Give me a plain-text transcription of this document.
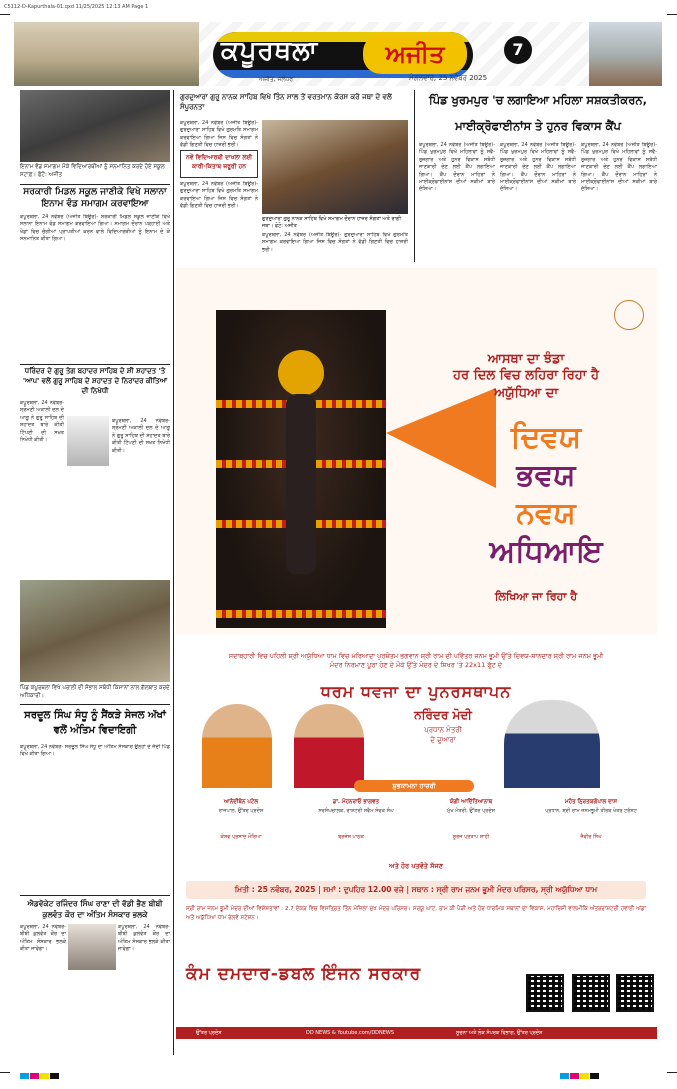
C5112-D-Kapurthala-01.qxd 11/25/2025 12:13 AM Page 1
ਕਪੂਰਥਲਾ	ਅਜੀਤ
ਅਜੀਤ, ਜਲੰਧਰ	ਮੰਗਲਵਾਰ, 25 ਨਵੰਬਰ 2025
7
ਇਨਾਮ ਵੰਡ ਸਮਾਗਮ ਮੌਕੇ ਵਿਦਿਆਰਥੀਆਂ ਨੂੰ ਸਨਮਾਨਿਤ ਕਰਦੇ ਹੋਏ ਸਕੂਲ ਸਟਾਫ਼। ਫੋਟੋ: ਅਜੀਤ
ਸਰਕਾਰੀ ਮਿਡਲ ਸਕੂਲ ਜਾਣੀਕੇ ਵਿਖੇ ਸਲਾਨਾ ਇਨਾਮ ਵੰਡ ਸਮਾਗਮ ਕਰਵਾਇਆ
ਕਪੂਰਥਲਾ, 24 ਨਵੰਬਰ (ਅਜੀਤ ਬਿਊਰੋ)- ਸਰਕਾਰੀ ਮਿਡਲ ਸਕੂਲ ਜਾਣੀਕੇ ਵਿਖੇ ਸਲਾਨਾ ਇਨਾਮ ਵੰਡ ਸਮਾਗਮ ਕਰਵਾਇਆ ਗਿਆ। ਸਮਾਗਮ ਦੌਰਾਨ ਪੜ੍ਹਾਈ ਅਤੇ ਖੇਡਾਂ ਵਿਚ ਚੰਗੀਆਂ ਪ੍ਰਾਪਤੀਆਂ ਕਰਨ ਵਾਲੇ ਵਿਦਿਆਰਥੀਆਂ ਨੂੰ ਇਨਾਮ ਦੇ ਕੇ ਸਨਮਾਨਿਤ ਕੀਤਾ ਗਿਆ।
ਧਰਿੰਦਰ ਦੇ ਗੁਰੂ ਤੇਗ ਬਹਾਦਰ ਸਾਹਿਬ ਦੇ ਸ਼ੀ ਸ਼ਹਾਦਤ 'ਤੇ 'ਆਪ' ਵਲੋਂ ਗੁਰੂ ਸਾਹਿਬ ਦੇ ਸ਼ਹਾਦਤ ਦੇ ਨਿਰਾਦਰ ਕੀਤਿਆਂ ਦੀ ਨਿਖੇਧੀ
ਕਪੂਰਥਲਾ, 24 ਨਵੰਬਰ- ਸ਼੍ਰੋਮਣੀ ਅਕਾਲੀ ਦਲ ਦੇ ਆਗੂ ਨੇ ਗੁਰੂ ਸਾਹਿਬ ਦੀ ਸ਼ਹਾਦਤ ਬਾਰੇ ਕੀਤੀ ਟਿੱਪਣੀ ਦੀ ਸਖ਼ਤ ਨਿਖੇਧੀ ਕੀਤੀ।
ਕਪੂਰਥਲਾ, 24 ਨਵੰਬਰ- ਸ਼੍ਰੋਮਣੀ ਅਕਾਲੀ ਦਲ ਦੇ ਆਗੂ ਨੇ ਗੁਰੂ ਸਾਹਿਬ ਦੀ ਸ਼ਹਾਦਤ ਬਾਰੇ ਕੀਤੀ ਟਿੱਪਣੀ ਦੀ ਸਖ਼ਤ ਨਿਖੇਧੀ ਕੀਤੀ।
ਪਿੰਡ ਕਪੂਰਥਲਾ ਵਿਖੇ ਪਰਾਲੀ ਦੀ ਸੰਭਾਲ ਸਬੰਧੀ ਕਿਸਾਨਾਂ ਨਾਲ ਗੱਲਬਾਤ ਕਰਦੇ ਅਧਿਕਾਰੀ।
ਸਰਦੂਲ ਸਿੰਘ ਸੰਧੂ ਨੂੰ ਸੈਂਕੜੇ ਸੇਜਲ ਅੱਖਾਂ ਵਲੋਂ ਅੰਤਿਮ ਵਿਦਾਇਗੀ
ਕਪੂਰਥਲਾ, 24 ਨਵੰਬਰ- ਸਰਦੂਲ ਸਿੰਘ ਸੰਧੂ ਦਾ ਅੰਤਿਮ ਸੰਸਕਾਰ ਉਨ੍ਹਾਂ ਦੇ ਜੱਦੀ ਪਿੰਡ ਵਿਖੇ ਕੀਤਾ ਗਿਆ।
ਐਡਵੋਕੇਟ ਰਜਿੰਦਰ ਸਿੰਘ ਰਾਣਾ ਦੀ ਵੱਡੀ ਭੈਣ ਬੀਬੀ ਕੁਲਵੰਤ ਕੌਰ ਦਾ ਅੰਤਿਮ ਸੰਸਕਾਰ ਭਲਕੇ
ਕਪੂਰਥਲਾ, 24 ਨਵੰਬਰ- ਬੀਬੀ ਕੁਲਵੰਤ ਕੌਰ ਦਾ ਅੰਤਿਮ ਸੰਸਕਾਰ ਭਲਕੇ ਕੀਤਾ ਜਾਵੇਗਾ।
ਕਪੂਰਥਲਾ, 24 ਨਵੰਬਰ- ਬੀਬੀ ਕੁਲਵੰਤ ਕੌਰ ਦਾ ਅੰਤਿਮ ਸੰਸਕਾਰ ਭਲਕੇ ਕੀਤਾ ਜਾਵੇਗਾ।
ਗੁਰਦੁਆਰਾ ਗੁਰੂ ਨਾਨਕ ਸਾਹਿਬ ਵਿਖੇ ਤਿੰਨ ਸਾਲ ਤੋਂ ਵਰਤਮਾਨ ਕੋਰਸ ਕਰੋ ਜਥਾ ਦੇ ਵਲੋਂ ਸੰਪੂਰਨਤਾ
ਕਪੂਰਥਲਾ, 24 ਨਵੰਬਰ (ਅਜੀਤ ਬਿਊਰੋ)- ਗੁਰਦੁਆਰਾ ਸਾਹਿਬ ਵਿਖੇ ਗੁਰਮਤਿ ਸਮਾਗਮ ਕਰਵਾਇਆ ਗਿਆ ਜਿਸ ਵਿਚ ਸੰਗਤਾਂ ਨੇ ਵੱਡੀ ਗਿਣਤੀ ਵਿਚ ਹਾਜ਼ਰੀ ਭਰੀ।
ਨਵੇਂ ਵਿਦਿਆਰਥੀ ਦਾਖਲਾ ਲਈ ਕਾਰੀ-ਕਿਤਾਬ ਜ਼ਰੂਰੀ ਹਨ
ਕਪੂਰਥਲਾ, 24 ਨਵੰਬਰ (ਅਜੀਤ ਬਿਊਰੋ)- ਗੁਰਦੁਆਰਾ ਸਾਹਿਬ ਵਿਖੇ ਗੁਰਮਤਿ ਸਮਾਗਮ ਕਰਵਾਇਆ ਗਿਆ ਜਿਸ ਵਿਚ ਸੰਗਤਾਂ ਨੇ ਵੱਡੀ ਗਿਣਤੀ ਵਿਚ ਹਾਜ਼ਰੀ ਭਰੀ।
ਗੁਰਦੁਆਰਾ ਗੁਰੂ ਨਾਨਕ ਸਾਹਿਬ ਵਿਖੇ ਸਮਾਗਮ ਦੌਰਾਨ ਹਾਜ਼ਰ ਸੰਗਤਾਂ ਅਤੇ ਰਾਗੀ ਜਥਾ। ਫੋਟੋ: ਅਜੀਤ
ਕਪੂਰਥਲਾ, 24 ਨਵੰਬਰ (ਅਜੀਤ ਬਿਊਰੋ)- ਗੁਰਦੁਆਰਾ ਸਾਹਿਬ ਵਿਖੇ ਗੁਰਮਤਿ ਸਮਾਗਮ ਕਰਵਾਇਆ ਗਿਆ ਜਿਸ ਵਿਚ ਸੰਗਤਾਂ ਨੇ ਵੱਡੀ ਗਿਣਤੀ ਵਿਚ ਹਾਜ਼ਰੀ ਭਰੀ।
ਪਿੰਡ ਖੁਰਮਪੁਰ 'ਚ ਲਗਾਇਆ ਮਹਿਲਾ ਸਸ਼ਕਤੀਕਰਨ,
ਮਾਈਕ੍ਰੋਫਾਈਨਾਂਸ ਤੇ ਹੁਨਰ ਵਿਕਾਸ ਕੈਂਪ
ਕਪੂਰਥਲਾ, 24 ਨਵੰਬਰ (ਅਜੀਤ ਬਿਊਰੋ)- ਪਿੰਡ ਖੁਰਮਪੁਰ ਵਿਖੇ ਮਹਿਲਾਵਾਂ ਨੂੰ ਸਵੈ-ਰੁਜ਼ਗਾਰ ਅਤੇ ਹੁਨਰ ਵਿਕਾਸ ਸਬੰਧੀ ਜਾਣਕਾਰੀ ਦੇਣ ਲਈ ਕੈਂਪ ਲਗਾਇਆ ਗਿਆ। ਕੈਂਪ ਦੌਰਾਨ ਮਾਹਿਰਾਂ ਨੇ ਮਾਈਕ੍ਰੋਫਾਈਨਾਂਸ ਦੀਆਂ ਸਕੀਮਾਂ ਬਾਰੇ ਦੱਸਿਆ।
ਕਪੂਰਥਲਾ, 24 ਨਵੰਬਰ (ਅਜੀਤ ਬਿਊਰੋ)- ਪਿੰਡ ਖੁਰਮਪੁਰ ਵਿਖੇ ਮਹਿਲਾਵਾਂ ਨੂੰ ਸਵੈ-ਰੁਜ਼ਗਾਰ ਅਤੇ ਹੁਨਰ ਵਿਕਾਸ ਸਬੰਧੀ ਜਾਣਕਾਰੀ ਦੇਣ ਲਈ ਕੈਂਪ ਲਗਾਇਆ ਗਿਆ। ਕੈਂਪ ਦੌਰਾਨ ਮਾਹਿਰਾਂ ਨੇ ਮਾਈਕ੍ਰੋਫਾਈਨਾਂਸ ਦੀਆਂ ਸਕੀਮਾਂ ਬਾਰੇ ਦੱਸਿਆ।
ਕਪੂਰਥਲਾ, 24 ਨਵੰਬਰ (ਅਜੀਤ ਬਿਊਰੋ)- ਪਿੰਡ ਖੁਰਮਪੁਰ ਵਿਖੇ ਮਹਿਲਾਵਾਂ ਨੂੰ ਸਵੈ-ਰੁਜ਼ਗਾਰ ਅਤੇ ਹੁਨਰ ਵਿਕਾਸ ਸਬੰਧੀ ਜਾਣਕਾਰੀ ਦੇਣ ਲਈ ਕੈਂਪ ਲਗਾਇਆ ਗਿਆ। ਕੈਂਪ ਦੌਰਾਨ ਮਾਹਿਰਾਂ ਨੇ ਮਾਈਕ੍ਰੋਫਾਈਨਾਂਸ ਦੀਆਂ ਸਕੀਮਾਂ ਬਾਰੇ ਦੱਸਿਆ।
ਆਸਥਾ ਦਾ ਝੰਡਾ
ਹਰ ਦਿਲ ਵਿਚ ਲਹਿਰਾ ਰਿਹਾ ਹੈ
ਅਯੁੱਧਿਆ ਦਾ
ਦਿਵਯ
ਭਵਯ
ਨਵਯ
ਅਧਿਆਇ
ਲਿਖਿਆ ਜਾ ਰਿਹਾ ਹੈ
ਸਦਾਬਹਾਰੀ ਵਿਚ ਪਹਿਲੀ ਸ਼੍ਰੀ ਅਯੁੱਧਿਆ ਧਾਮ ਵਿਚ ਮਰਿਆਦਾ ਪੁਰਸ਼ੋਤਮ ਭਗਵਾਨ ਸ਼੍ਰੀ ਰਾਮ ਦੀ ਪਵਿੱਤਰ ਜਨਮ ਭੂਮੀ ਉੱਤੇ ਦਿਵਯ-ਸ਼ਾਨਦਾਰ ਸ਼੍ਰੀ ਰਾਮ ਜਨਮ ਭੂਮੀ ਮੰਦਰ ਨਿਰਮਾਣ ਪੂਰਾ ਹੋਣ ਦੇ ਮੌਕੇ ਉੱਤੇ ਮੰਦਰ ਦੇ ਸ਼ਿਖਰ 'ਤੇ 22x11 ਫੁੱਟ ਦੇ
ਧਰਮ ਧਵਜਾ ਦਾ ਪੁਨਰਸਥਾਪਨ
ਨਰਿੰਦਰ ਮੋਦੀ
ਪ੍ਰਧਾਨ ਮੰਤਰੀ
ਦੇ ਦੁਆਰਾ
ਸ਼ੁਭਕਾਮਨਾ ਹਾਜ਼ਰੀ
ਆਨੰਦੀਬੇਨ ਪਟੇਲ
ਰਾਜਪਾਲ, ਉੱਤਰ ਪ੍ਰਦੇਸ਼
ਡਾ. ਮੋਹਨਰਾਓ ਭਾਗਵਤ
ਸਰਸੰਘਚਾਲਕ, ਰਾਸ਼ਟਰੀ ਸਵੈਮ ਸੇਵਕ ਸੰਘ
ਯੋਗੀ ਆਦਿੱਤਿਆਨਾਥ
ਮੁੱਖ ਮੰਤਰੀ, ਉੱਤਰ ਪ੍ਰਦੇਸ਼
ਮਹੰਤ ਨ੍ਰਿਤਯਗੋਪਾਲ ਦਾਸ
ਪ੍ਰਧਾਨ, ਸ਼੍ਰੀ ਰਾਮ ਜਨਮਭੂਮੀ ਤੀਰਥ ਖੇਤਰ ਟਰੱਸਟ
ਕੇਸ਼ਵ ਪ੍ਰਸਾਦ ਮੌਰਿਆ	ਬ੍ਰਜੇਸ਼ ਪਾਠਕ	ਸੂਰਜ ਪ੍ਰਤਾਪ ਸ਼ਾਹੀ	ਜੈਵੀਰ ਸਿੰਘ
ਅਤੇ ਹੋਰ ਪਤਵੰਤੇ ਸੱਜਣ
ਮਿਤੀ : 25 ਨਵੰਬਰ, 2025 | ਸਮਾਂ : ਦੁਪਹਿਰ 12.00 ਵਜੇ | ਸਥਾਨ : ਸ੍ਰੀ ਰਾਮ ਜਨਮ ਭੂਮੀ ਮੰਦਰ ਪਰਿਸਰ, ਸ੍ਰੀ ਅਯੁੱਧਿਆ ਧਾਮ
ਸ੍ਰੀ ਰਾਮ ਜਨਮ ਭੂਮੀ ਮੰਦਰ ਦੀਆਂ ਵਿਸ਼ੇਸ਼ਤਾਵਾਂ : 2.7 ਏਕੜ ਵਿਚ ਵਿਸਤ੍ਰਿਤ ਤਿੰਨ ਮੰਜ਼ਿਲਾ ਮੁੱਖ ਮੰਦਰ ਪਰਿਸਰ। ਸਰਯੂ ਘਾਟ, ਰਾਮ ਕੀ ਪੈੜੀ ਅਤੇ ਹੋਰ ਧਾਰਮਿਕ ਸਥਾਨਾਂ ਦਾ ਵਿਕਾਸ, ਮਹਾਰਿਸ਼ੀ ਵਾਲਮੀਕਿ ਅੰਤਰਰਾਸ਼ਟਰੀ ਹਵਾਈ ਅੱਡਾ ਅਤੇ ਅਯੁੱਧਿਆ ਧਾਮ ਰੇਲਵੇ ਸਟੇਸ਼ਨ।
ਕੰਮ ਦਮਦਾਰ-ਡਬਲ ਇੰਜਨ ਸਰਕਾਰ
ਉੱਤਰ ਪ੍ਰਦੇਸ਼	DD NEWS & Youtube.com/DDNEWS	ਸੂਚਨਾ ਅਤੇ ਲੋਕ ਸੰਪਰਕ ਵਿਭਾਗ, ਉੱਤਰ ਪ੍ਰਦੇਸ਼
